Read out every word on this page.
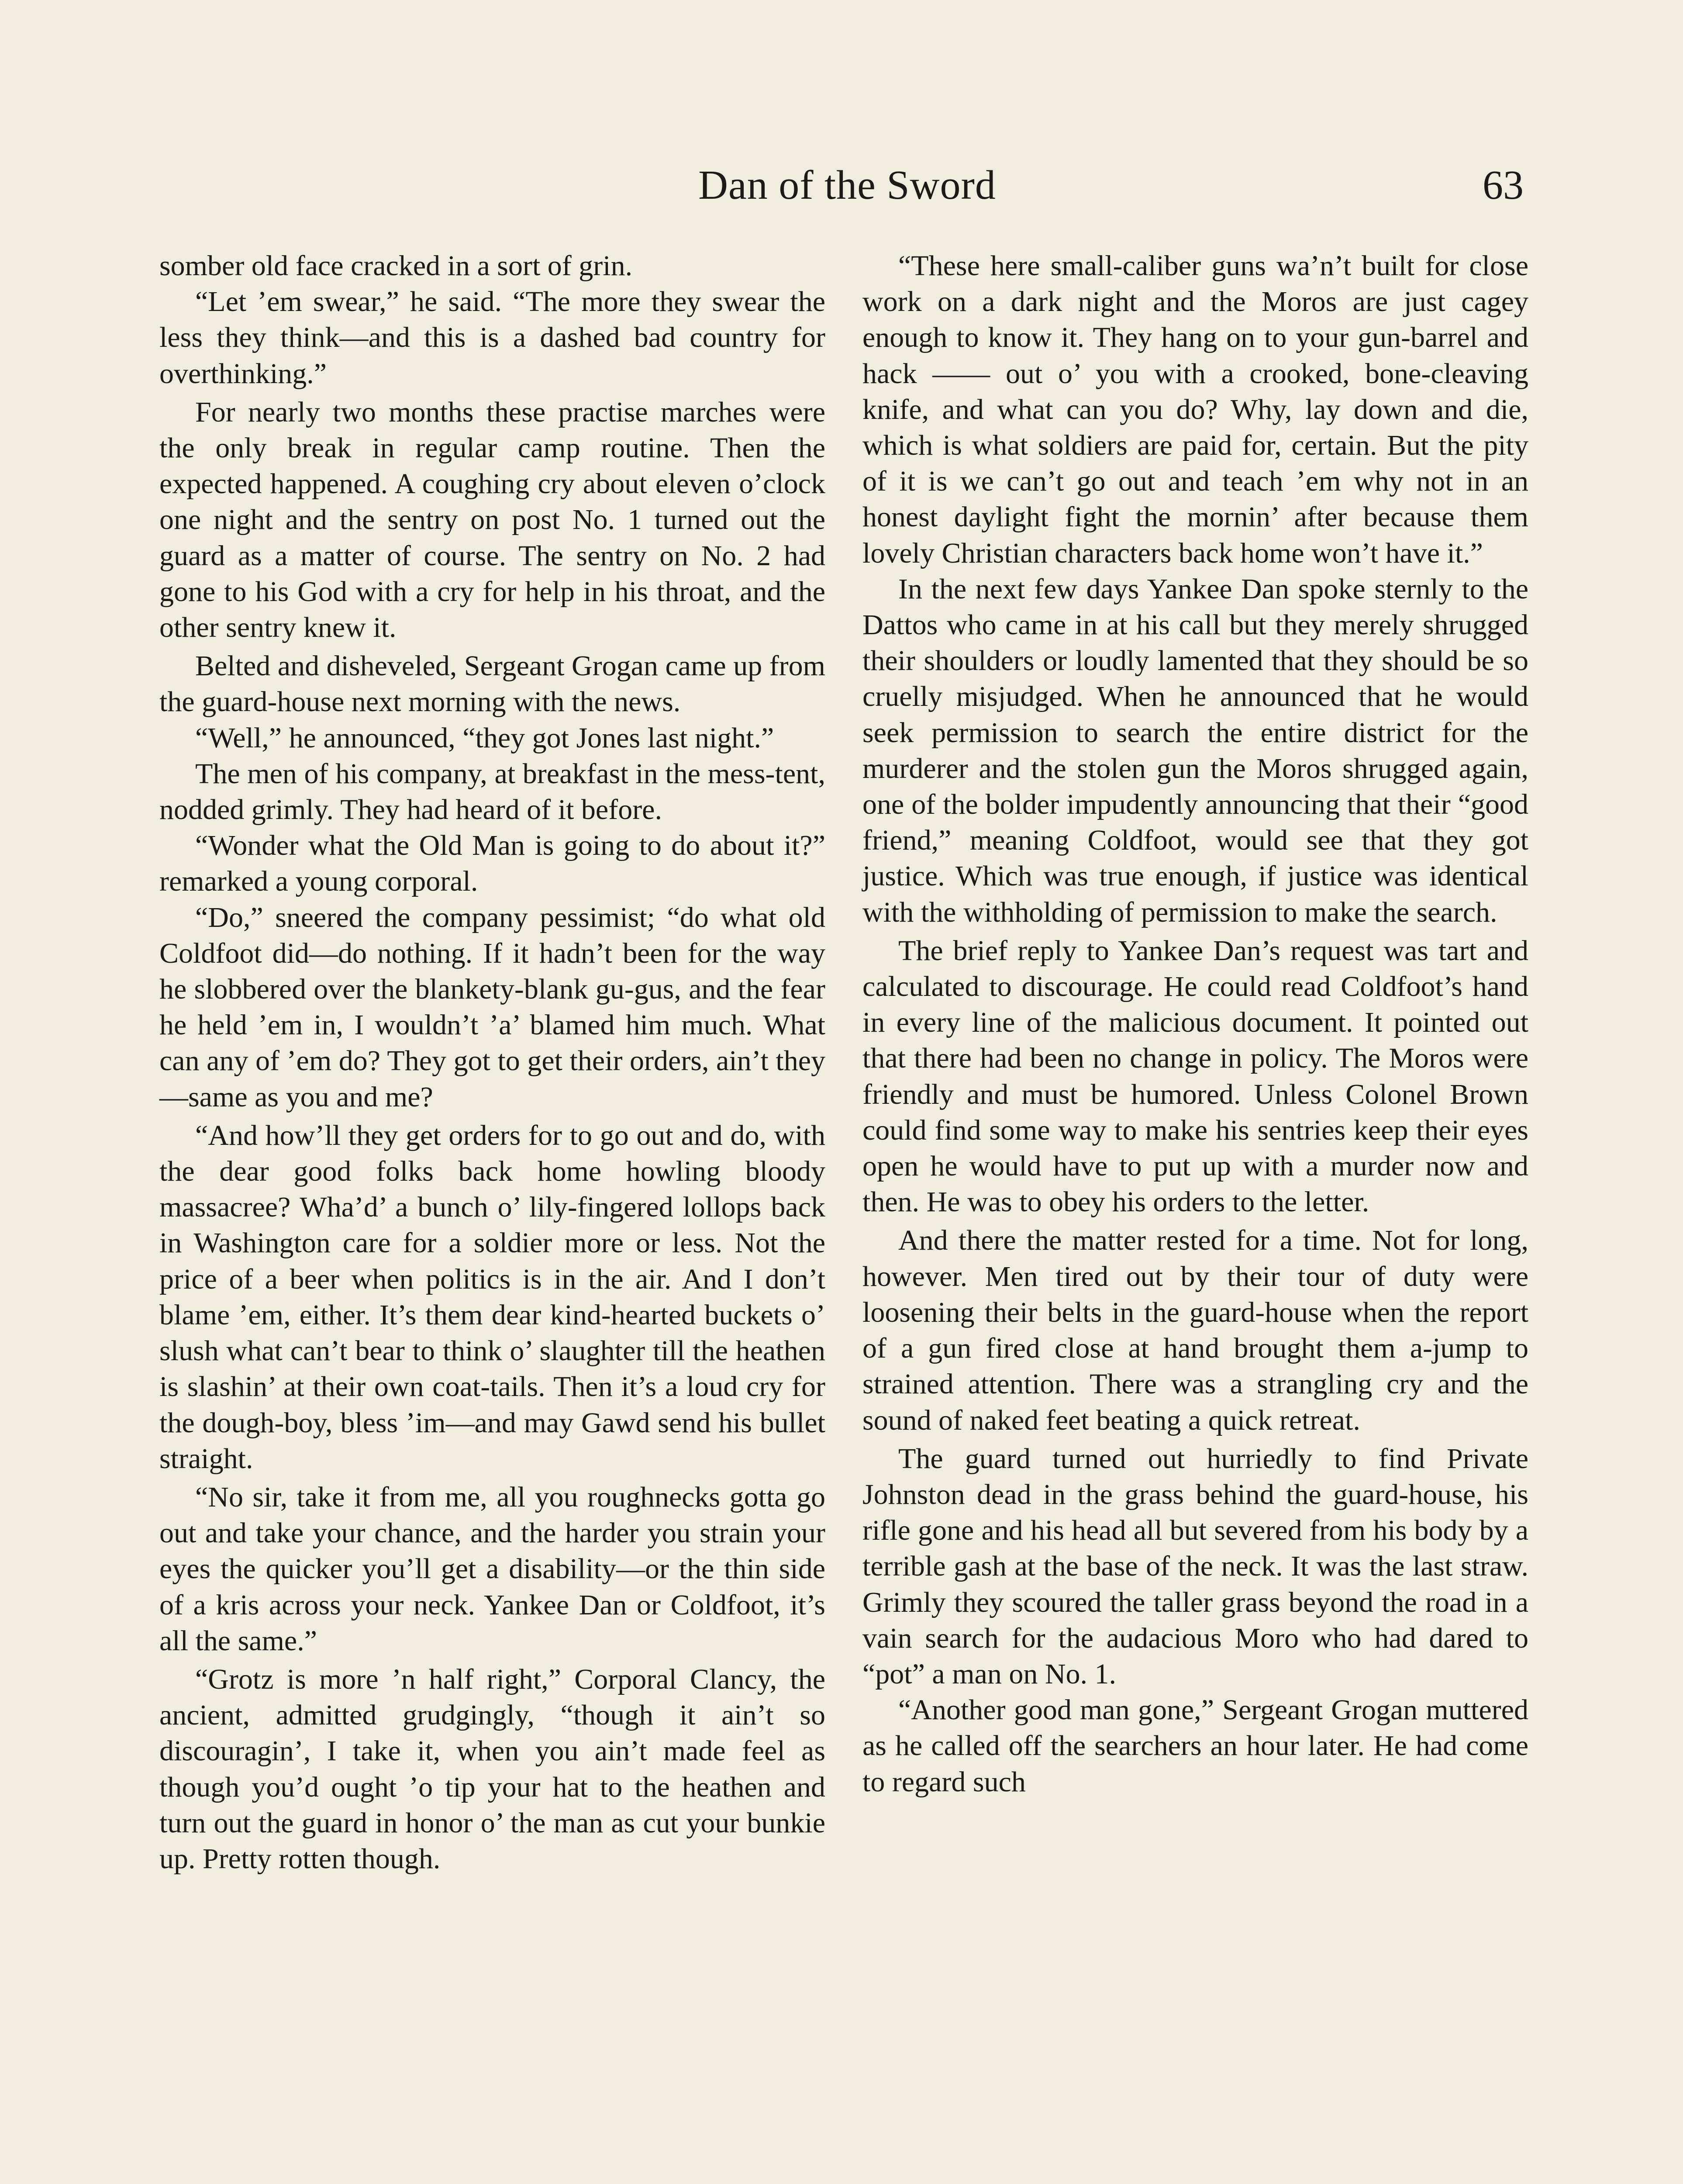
Dan of the Sword	63

somber old face cracked in a sort of grin.

“Let ’em swear,” he said. “The more they swear the less they think—and this is a dashed bad country for overthinking.”

For nearly two months these practise marches were the only break in regular camp routine. Then the expected happened. A coughing cry about eleven o’clock one night and the sentry on post No. 1 turned out the guard as a matter of course. The sentry on No. 2 had gone to his God with a cry for help in his throat, and the other sentry knew it.

Belted and disheveled, Sergeant Grogan came up from the guard-house next morning with the news.

“Well,” he announced, “they got Jones last night.”

The men of his company, at breakfast in the mess-tent, nodded grimly. They had heard of it before.

“Wonder what the Old Man is going to do about it?” remarked a young corporal.

“Do,” sneered the company pessimist; “do what old Coldfoot did—do nothing. If it hadn’t been for the way he slobbered over the blankety-blank gu-gus, and the fear he held ’em in, I wouldn’t ’a’ blamed him much. What can any of ’em do? They got to get their orders, ain’t they—same as you and me?

“And how’ll they get orders for to go out and do, with the dear good folks back home howling bloody massacree? Wha’d’ a bunch o’ lily-fingered lollops back in Washington care for a soldier more or less. Not the price of a beer when politics is in the air. And I don’t blame ’em, either. It’s them dear kind-hearted buckets o’ slush what can’t bear to think o’ slaughter till the heathen is slashin’ at their own coat-tails. Then it’s a loud cry for the dough-boy, bless ’im—and may Gawd send his bullet straight.

“No sir, take it from me, all you roughnecks gotta go out and take your chance, and the harder you strain your eyes the quicker you’ll get a disability—or the thin side of a kris across your neck. Yankee Dan or Coldfoot, it’s all the same.”

“Grotz is more ’n half right,” Corporal Clancy, the ancient, admitted grudgingly, “though it ain’t so discouragin’, I take it, when you ain’t made feel as though you’d ought ’o tip your hat to the heathen and turn out the guard in honor o’ the man as cut your bunkie up. Pretty rotten though.

“These here small-caliber guns wa’n’t built for close work on a dark night and the Moros are just cagey enough to know it. They hang on to your gun-barrel and hack —— out o’ you with a crooked, bone-cleaving knife, and what can you do? Why, lay down and die, which is what soldiers are paid for, certain. But the pity of it is we can’t go out and teach ’em why not in an honest daylight fight the mornin’ after because them lovely Christian characters back home won’t have it.”

In the next few days Yankee Dan spoke sternly to the Dattos who came in at his call but they merely shrugged their shoulders or loudly lamented that they should be so cruelly misjudged. When he announced that he would seek permission to search the entire district for the murderer and the stolen gun the Moros shrugged again, one of the bolder impudently announcing that their “good friend,” meaning Coldfoot, would see that they got justice. Which was true enough, if justice was identical with the withholding of permission to make the search.

The brief reply to Yankee Dan’s request was tart and calculated to discourage. He could read Coldfoot’s hand in every line of the malicious document. It pointed out that there had been no change in policy. The Moros were friendly and must be humored. Unless Colonel Brown could find some way to make his sentries keep their eyes open he would have to put up with a murder now and then. He was to obey his orders to the letter.

And there the matter rested for a time. Not for long, however. Men tired out by their tour of duty were loosening their belts in the guard-house when the report of a gun fired close at hand brought them a-jump to strained attention. There was a strangling cry and the sound of naked feet beating a quick retreat.

The guard turned out hurriedly to find Private Johnston dead in the grass behind the guard-house, his rifle gone and his head all but severed from his body by a terrible gash at the base of the neck. It was the last straw. Grimly they scoured the taller grass beyond the road in a vain search for the audacious Moro who had dared to “pot” a man on No. 1.

“Another good man gone,” Sergeant Grogan muttered as he called off the searchers an hour later. He had come to regard such
